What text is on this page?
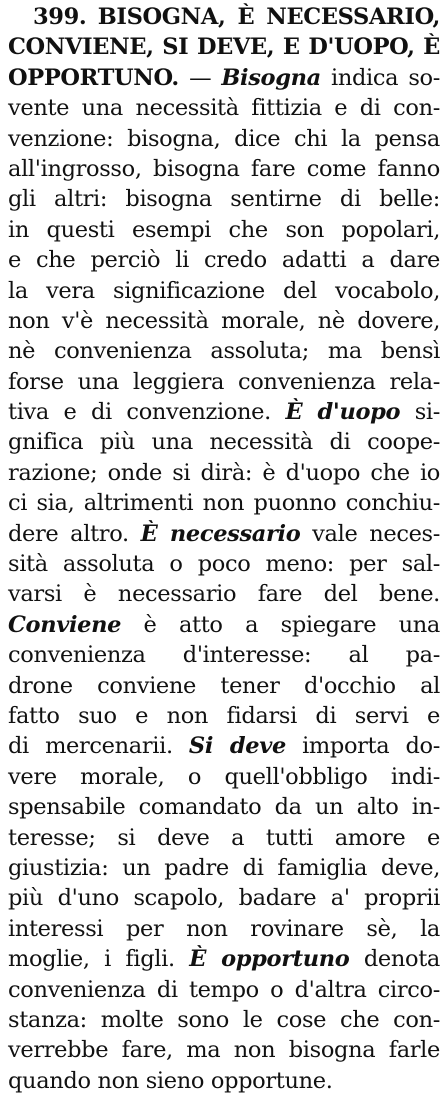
399. BISOGNA, È NECESSARIO,
CONVIENE, SI DEVE, E D'UOPO, È
OPPORTUNO. — Bisogna indica so-
vente una necessità fittizia e di con-
venzione: bisogna, dice chi la pensa
all'ingrosso, bisogna fare come fanno
gli altri: bisogna sentirne di belle:
in questi esempi che son popolari,
e che perciò li credo adatti a dare
la vera significazione del vocabolo,
non v'è necessità morale, nè dovere,
nè convenienza assoluta; ma bensì
forse una leggiera convenienza rela-
tiva e di convenzione. È d'uopo si-
gnifica più una necessità di coope-
razione; onde si dirà: è d'uopo che io
ci sia, altrimenti non puonno conchiu-
dere altro. È necessario vale neces-
sità assoluta o poco meno: per sal-
varsi è necessario fare del bene.
Conviene è atto a spiegare una
convenienza d'interesse: al pa-
drone conviene tener d'occhio al
fatto suo e non fidarsi di servi e
di mercenarii. Si deve importa do-
vere morale, o quell'obbligo indi-
spensabile comandato da un alto in-
teresse; si deve a tutti amore e
giustizia: un padre di famiglia deve,
più d'uno scapolo, badare a' proprii
interessi per non rovinare sè, la
moglie, i figli. È opportuno denota
convenienza di tempo o d'altra circo-
stanza: molte sono le cose che con-
verrebbe fare, ma non bisogna farle
quando non sieno opportune.
